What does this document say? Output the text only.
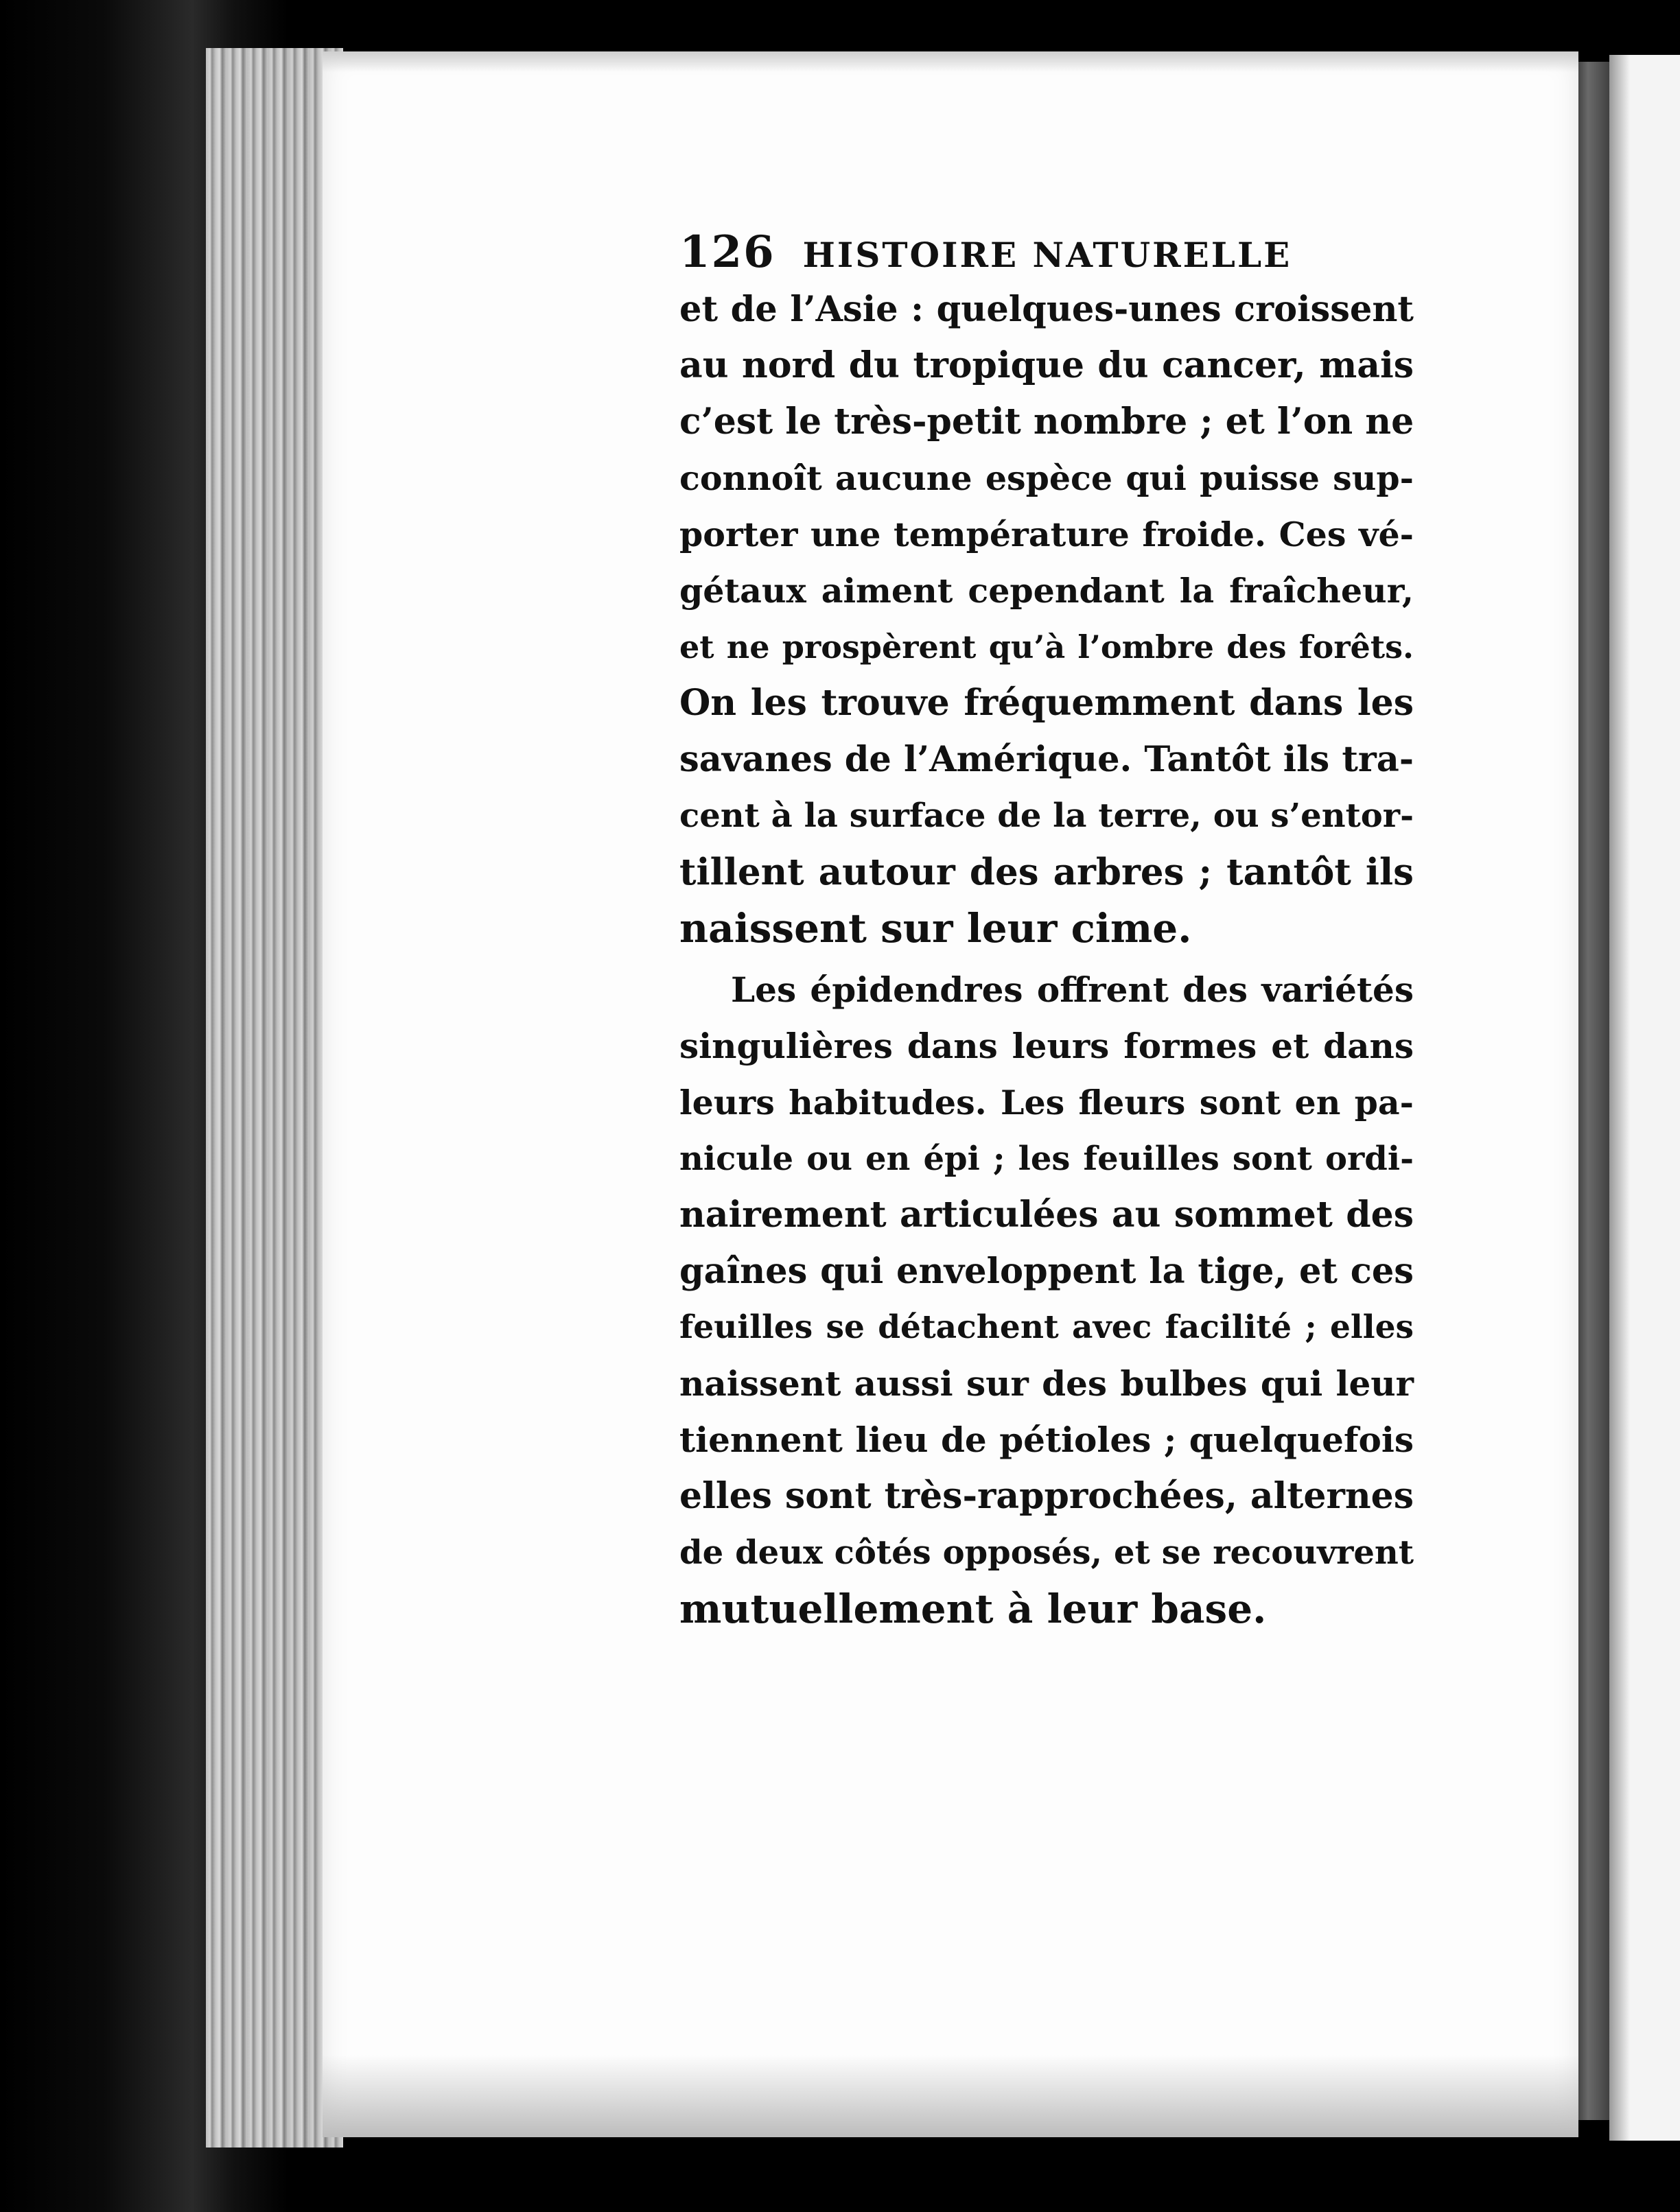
126 HISTOIRE NATURELLE
et de l’Asie : quelques-unes croissent
au nord du tropique du cancer, mais
c’est le très-petit nombre ; et l’on ne
connoît aucune espèce qui puisse sup-
porter une température froide. Ces vé-
gétaux aiment cependant la fraîcheur,
et ne prospèrent qu’à l’ombre des forêts.
On les trouve fréquemment dans les
savanes de l’Amérique. Tantôt ils tra-
cent à la surface de la terre, ou s’entor-
tillent autour des arbres ; tantôt ils
naissent sur leur cime.
Les épidendres offrent des variétés
singulières dans leurs formes et dans
leurs habitudes. Les fleurs sont en pa-
nicule ou en épi ; les feuilles sont ordi-
nairement articulées au sommet des
gaînes qui enveloppent la tige, et ces
feuilles se détachent avec facilité ; elles
naissent aussi sur des bulbes qui leur
tiennent lieu de pétioles ; quelquefois
elles sont très-rapprochées, alternes
de deux côtés opposés, et se recouvrent
mutuellement à leur base.
